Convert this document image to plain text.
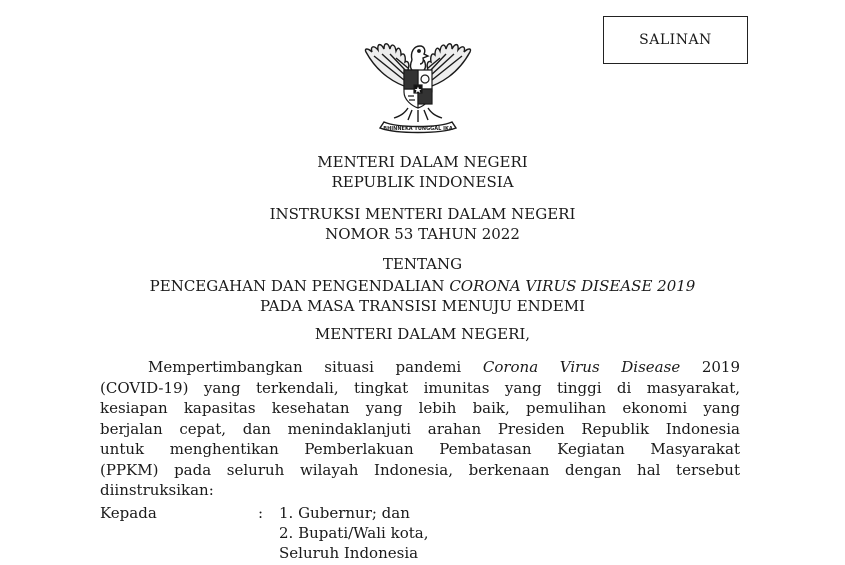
SALINAN
BHINNEKA TUNGGAL IKA
MENTERI DALAM NEGERI
REPUBLIK INDONESIA
INSTRUKSI MENTERI DALAM NEGERI
NOMOR 53 TAHUN 2022
TENTANG
PENCEGAHAN DAN PENGENDALIAN CORONA VIRUS DISEASE 2019
PADA MASA TRANSISI MENUJU ENDEMI
MENTERI DALAM NEGERI,
Mempertimbangkan situasi pandemi Corona Virus Disease 2019
(COVID-19) yang terkendali, tingkat imunitas yang tinggi di masyarakat,
kesiapan kapasitas kesehatan yang lebih baik, pemulihan ekonomi yang
berjalan cepat, dan menindaklanjuti arahan Presiden Republik Indonesia
untuk menghentikan Pemberlakuan Pembatasan Kegiatan Masyarakat
(PPKM) pada seluruh wilayah Indonesia, berkenaan dengan hal tersebut
diinstruksikan:
Kepada	: 1. Gubernur; dan
2. Bupati/Wali kota,
Seluruh Indonesia
